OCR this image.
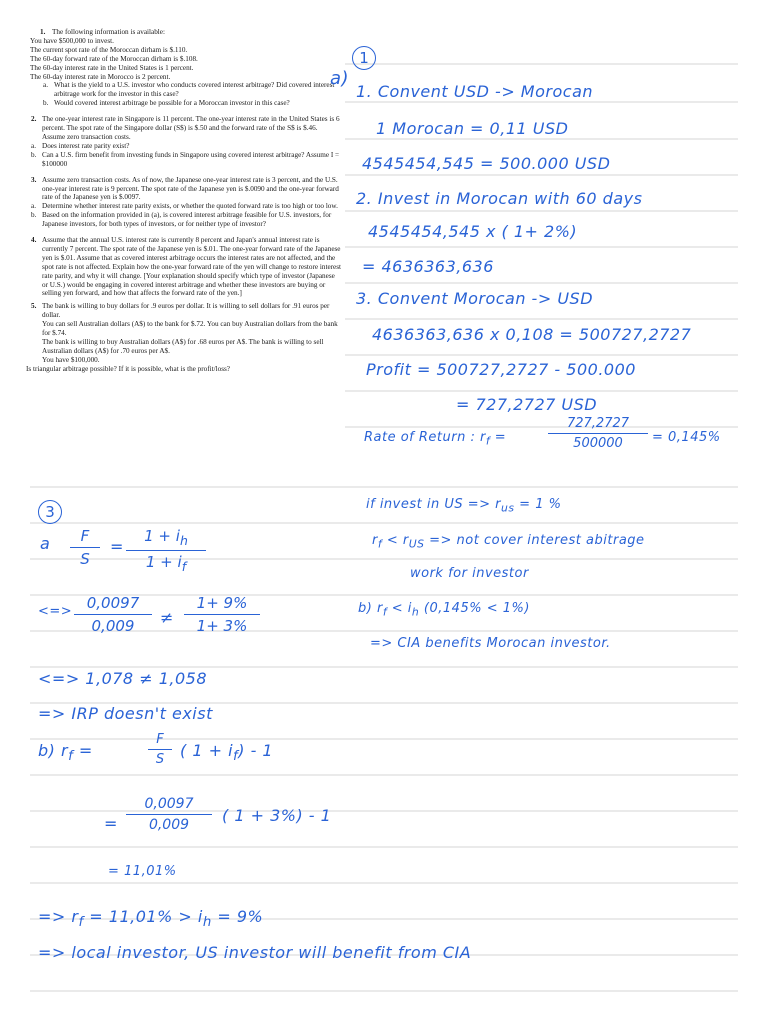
1. The following information is available:
You have $500,000 to invest.
The current spot rate of the Moroccan dirham is $.110.
The 60-day forward rate of the Moroccan dirham is $.108.
The 60-day interest rate in the United States is 1 percent.
The 60-day interest rate in Morocco is 2 percent.
a. What is the yield to a U.S. investor who conducts covered interest arbitrage? Did covered interest arbitrage work for the investor in this case?
b. Would covered interest arbitrage be possible for a Moroccan investor in this case?
2. The one-year interest rate in Singapore is 11 percent. The one-year interest rate in the United States is 6 percent. The spot rate of the Singapore dollar (S$) is $.50 and the forward rate of the S$ is $.46. Assume zero transaction costs.
a. Does interest rate parity exist?
b. Can a U.S. firm benefit from investing funds in Singapore using covered interest arbitrage? Assume I = $100000
3. Assume zero transaction costs. As of now, the Japanese one-year interest rate is 3 percent, and the U.S. one-year interest rate is 9 percent. The spot rate of the Japanese yen is $.0090 and the one-year forward rate of the Japanese yen is $.0097.
a. Determine whether interest rate parity exists, or whether the quoted forward rate is too high or too low.
b. Based on the information provided in (a), is covered interest arbitrage feasible for U.S. investors, for Japanese investors, for both types of investors, or for neither type of investor?
4. Assume that the annual U.S. interest rate is currently 8 percent and Japan's annual interest rate is currently 7 percent. The spot rate of the Japanese yen is $.01. The one-year forward rate of the Japanese yen is $.01. Assume that as covered interest arbitrage occurs the interest rates are not affected, and the spot rate is not affected. Explain how the one-year forward rate of the yen will change to restore interest rate parity, and why it will change. [Your explanation should specify which type of investor (Japanese or U.S.) would be engaging in covered interest arbitrage and whether these investors are buying or selling yen forward, and how that affects the forward rate of the yen.]
5. The bank is willing to buy dollars for .9 euros per dollar. It is willing to sell dollars for .91 euros per dollar.
You can sell Australian dollars (A$) to the bank for $.72. You can buy Australian dollars from the bank for $.74.
The bank is willing to buy Australian dollars (A$) for .68 euros per A$. The bank is willing to sell Australian dollars (A$) for .70 euros per A$.
You have $100,000.
Is triangular arbitrage possible? If it is possible, what is the profit/loss?
1
a)
1. Convent USD -> Morocan
1 Morocan = 0,11 USD
4545454,545 = 500.000 USD
2. Invest in Morocan with 60 days
4545454,545 x ( 1+ 2%)
= 4636363,636
3. Convent Morocan -> USD
4636363,636 x 0,108 = 500727,2727
Profit = 500727,2727 - 500.000
= 727,2727 USD
Rate of Return : $r_f$ =
727,2727
500000	= 0,145%
if invest in US => $r_{us} = 1$ %
$r_f < r_{US}$ => not cover interest abitrage
work for investor
b) $r_f < i_h$ (0,145% < 1%)
=> CIA benefits Morocan investor.
3
a	F
S
=
$1 + i_h$
$1 + i_f$
<=> 0,0097
0,009	≠
1+ 9%
1+ 3%
<=> 1,078 ≠ 1,058
=> IRP doesn't exist
b) $r_f$ =
F
S ( $1 + i_f) - 1$
=
0,0097
0,009	( 1 + 3%) - 1
= 11,01%
=> $r_f = 11,01\% > i_h = 9\%$
=> local investor, US investor will benefit from CIA
